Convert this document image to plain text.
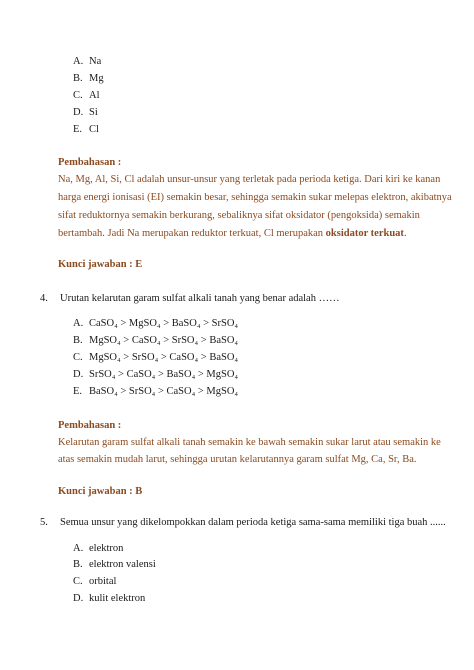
A. Na
B. Mg
C. Al
D. Si
E. Cl
Pembahasan :
Na, Mg, Al, Si, Cl adalah unsur-unsur yang terletak pada perioda ketiga. Dari kiri ke kanan
harga energi ionisasi (EI) semakin besar, sehingga semakin sukar melepas elektron, akibatnya
sifat reduktornya semakin berkurang, sebaliknya sifat oksidator (pengoksida) semakin
bertambah. Jadi Na merupakan reduktor terkuat, Cl merupakan oksidator terkuat.
Kunci jawaban : E
4. Urutan kelarutan garam sulfat alkali tanah yang benar adalah ……
A. CaSO₄ > MgSO₄ > BaSO₄ > SrSO₄
B. MgSO₄ > CaSO₄ > SrSO₄ > BaSO₄
C. MgSO₄ > SrSO₄ > CaSO₄ > BaSO₄
D. SrSO₄ > CaSO₄ > BaSO₄ > MgSO₄
E. BaSO₄ > SrSO₄ > CaSO₄ > MgSO₄
Pembahasan :
Kelarutan garam sulfat alkali tanah semakin ke bawah semakin sukar larut atau semakin ke
atas semakin mudah larut, sehingga urutan kelarutannya garam sulfat Mg, Ca, Sr, Ba.
Kunci jawaban : B
5. Semua unsur yang dikelompokkan dalam perioda ketiga sama-sama memiliki tiga buah ......
A. elektron
B. elektron valensi
C. orbital
D. kulit elektron
